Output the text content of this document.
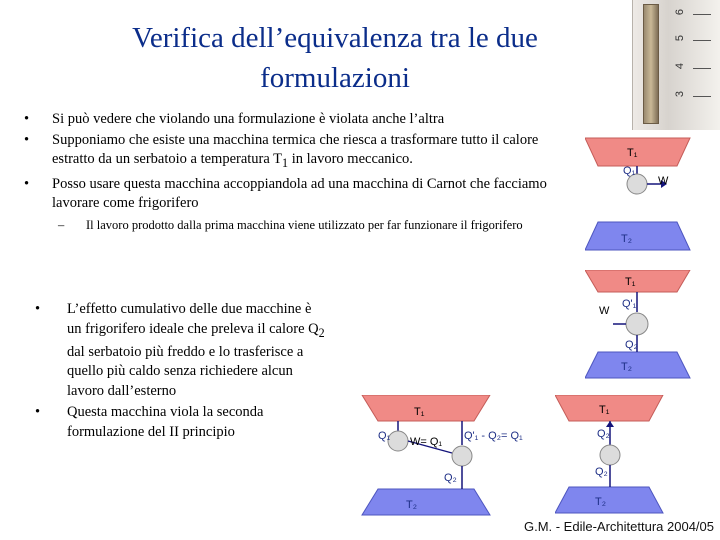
Verifica dell’equivalenza tra le due
formulazioni
6
5
4
3
• Si può vedere che violando una formulazione è violata anche l’altra
• Supponiamo che esiste una macchina termica che riesca a trasformare tutto il calore estratto da un serbatoio a temperatura $T_1$ in lavoro meccanico.
• Posso usare questa macchina accoppiandola ad una macchina di Carnot che facciamo lavorare come frigorifero
– Il lavoro prodotto dalla prima macchina viene utilizzato per far funzionare il frigorifero
• L’effetto cumulativo delle due macchine è un frigorifero ideale che preleva il calore $Q_2$ dal serbatoio più freddo e lo trasferisce a quello più caldo senza richiedere alcun lavoro dall’esterno
• Questa macchina viola la seconda formulazione del II principio
T₁
Q₁
W
T₂
T₁
Q'₁
W
Q₂
T₂
T₁
Q₁ W= Q₁ Q'₁ - Q₂= Q₁
Q₂
T₂
T₁
Q₂
Q₂
T₂
G.M. - Edile-Architettura 2004/05
